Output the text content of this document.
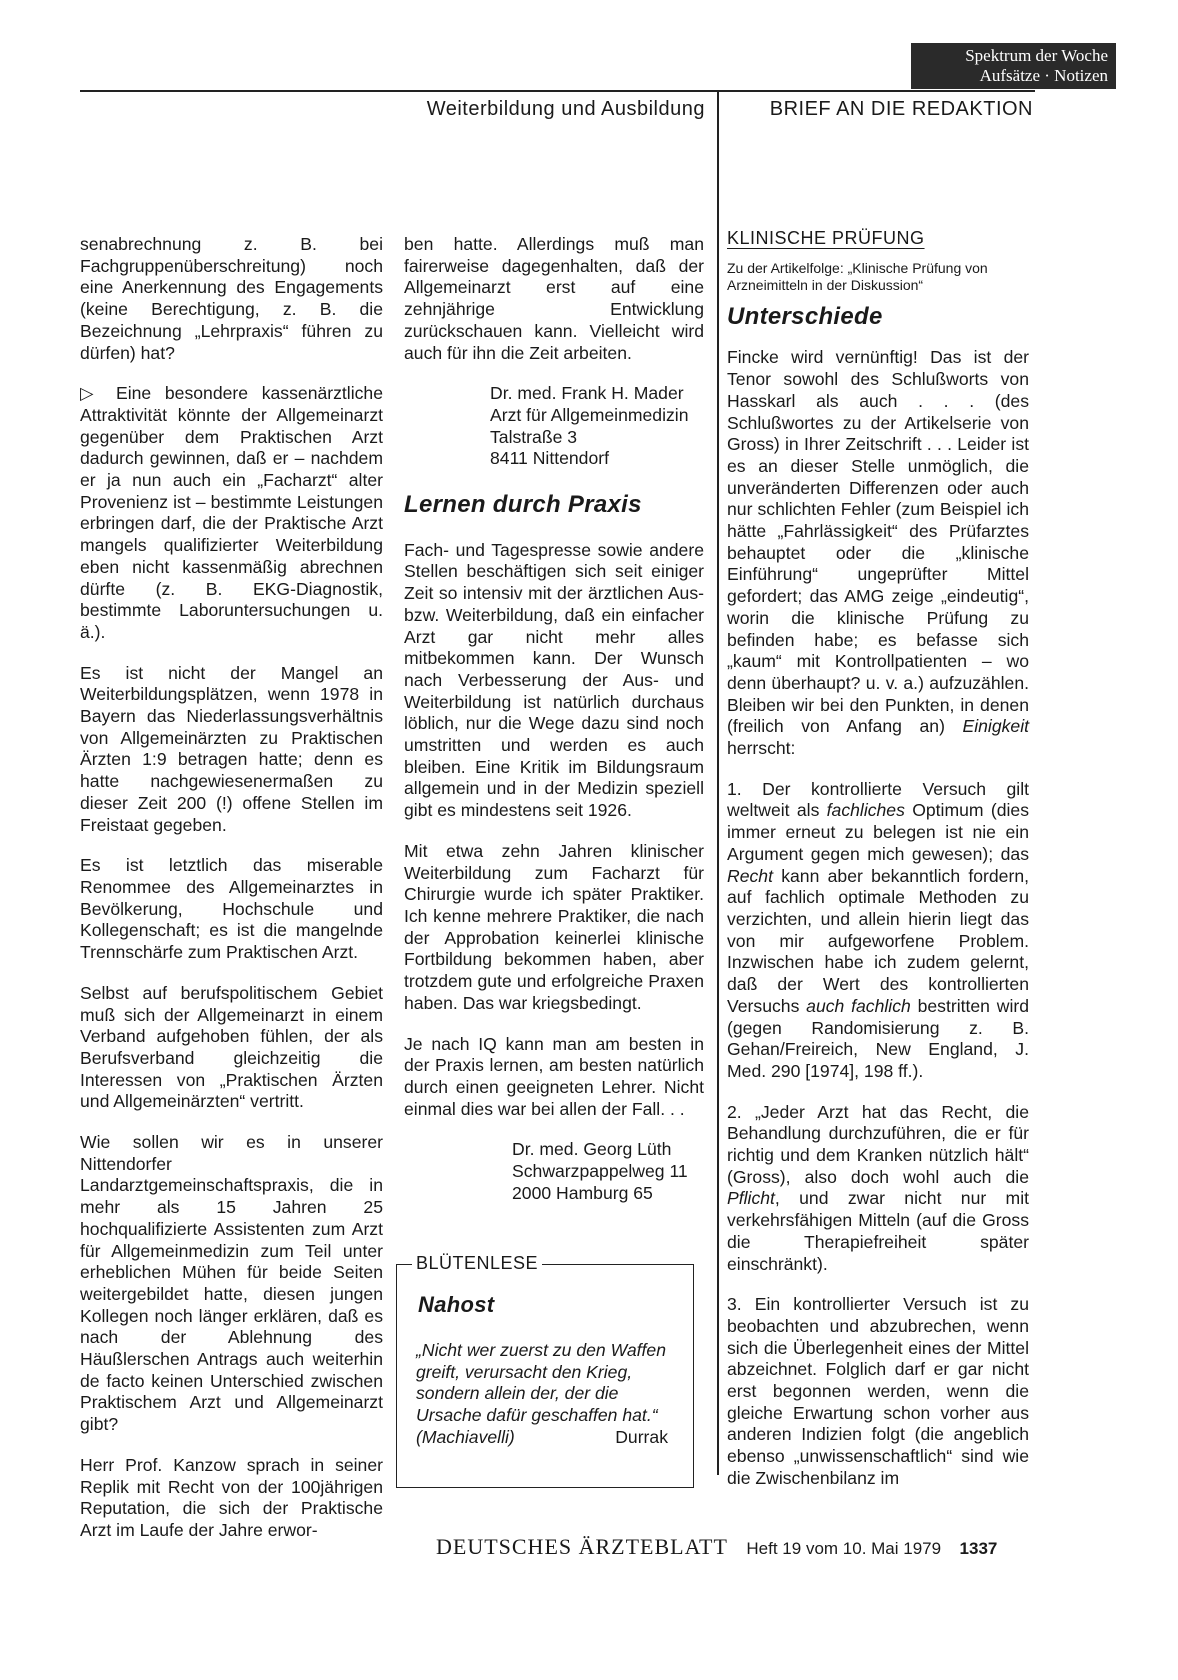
Spektrum der Woche
Aufsätze · Notizen
Weiterbildung und Ausbildung	BRIEF AN DIE REDAKTION

senabrechnung z. B. bei Fachgruppenüberschreitung) noch eine Anerkennung des Engagements (keine Berechtigung, z. B. die Bezeichnung „Lehrpraxis“ führen zu dürfen) hat?

▷ Eine besondere kassenärztliche Attraktivität könnte der Allgemeinarzt gegenüber dem Praktischen Arzt dadurch gewinnen, daß er – nachdem er ja nun auch ein „Facharzt“ alter Provenienz ist – bestimmte Leistungen erbringen darf, die der Praktische Arzt mangels qualifizierter Weiterbildung eben nicht kassenmäßig abrechnen dürfte (z. B. EKG-Diagnostik, bestimmte Laboruntersuchungen u. ä.).

Es ist nicht der Mangel an Weiterbildungsplätzen, wenn 1978 in Bayern das Niederlassungsverhältnis von Allgemeinärzten zu Praktischen Ärzten 1:9 betragen hatte; denn es hatte nachgewiesenermaßen zu dieser Zeit 200 (!) offene Stellen im Freistaat gegeben.

Es ist letztlich das miserable Renommee des Allgemeinarztes in Bevölkerung, Hochschule und Kollegenschaft; es ist die mangelnde Trennschärfe zum Praktischen Arzt.

Selbst auf berufspolitischem Gebiet muß sich der Allgemeinarzt in einem Verband aufgehoben fühlen, der als Berufsverband gleichzeitig die Interessen von „Praktischen Ärzten und Allgemeinärzten“ vertritt.

Wie sollen wir es in unserer Nittendorfer Landarztgemeinschaftspraxis, die in mehr als 15 Jahren 25 hochqualifizierte Assistenten zum Arzt für Allgemeinmedizin zum Teil unter erheblichen Mühen für beide Seiten weitergebildet hatte, diesen jungen Kollegen noch länger erklären, daß es nach der Ablehnung des Häußlerschen Antrags auch weiterhin de facto keinen Unterschied zwischen Praktischem Arzt und Allgemeinarzt gibt?

Herr Prof. Kanzow sprach in seiner Replik mit Recht von der 100jährigen Reputation, die sich der Praktische Arzt im Laufe der Jahre erwor-

ben hatte. Allerdings muß man fairerweise dagegenhalten, daß der Allgemeinarzt erst auf eine zehnjährige Entwicklung zurückschauen kann. Vielleicht wird auch für ihn die Zeit arbeiten.

Dr. med. Frank H. Mader
Arzt für Allgemeinmedizin
Talstraße 3
8411 Nittendorf
Lernen durch Praxis

Fach- und Tagespresse sowie andere Stellen beschäftigen sich seit einiger Zeit so intensiv mit der ärztlichen Aus- bzw. Weiterbildung, daß ein einfacher Arzt gar nicht mehr alles mitbekommen kann. Der Wunsch nach Verbesserung der Aus- und Weiterbildung ist natürlich durchaus löblich, nur die Wege dazu sind noch umstritten und werden es auch bleiben. Eine Kritik im Bildungsraum allgemein und in der Medizin speziell gibt es mindestens seit 1926.

Mit etwa zehn Jahren klinischer Weiterbildung zum Facharzt für Chirurgie wurde ich später Praktiker. Ich kenne mehrere Praktiker, die nach der Approbation keinerlei klinische Fortbildung bekommen haben, aber trotzdem gute und erfolgreiche Praxen haben. Das war kriegsbedingt.

Je nach IQ kann man am besten in der Praxis lernen, am besten natürlich durch einen geeigneten Lehrer. Nicht einmal dies war bei allen der Fall. . .

Dr. med. Georg Lüth
Schwarzpappelweg 11
2000 Hamburg 65
BLÜTENLESE
Nahost
„Nicht wer zuerst zu den Waffen greift, verursacht den Krieg, sondern allein der, der die Ursache dafür geschaffen hat.“ (Machiavelli)	Durrak
KLINISCHE PRÜFUNG
Zu der Artikelfolge: „Klinische Prüfung von Arzneimitteln in der Diskussion“
Unterschiede

Fincke wird vernünftig! Das ist der Tenor sowohl des Schlußworts von Hasskarl als auch . . . (des Schlußwortes zu der Artikelserie von Gross) in Ihrer Zeitschrift . . . Leider ist es an dieser Stelle unmöglich, die unveränderten Differenzen oder auch nur schlichten Fehler (zum Beispiel ich hätte „Fahrlässigkeit“ des Prüfarztes behauptet oder die „klinische Einführung“ ungeprüfter Mittel gefordert; das AMG zeige „eindeutig“, worin die klinische Prüfung zu befinden habe; es befasse sich „kaum“ mit Kontrollpatienten – wo denn überhaupt? u. v. a.) aufzuzählen. Bleiben wir bei den Punkten, in denen (freilich von Anfang an) Einigkeit herrscht:

1. Der kontrollierte Versuch gilt weltweit als fachliches Optimum (dies immer erneut zu belegen ist nie ein Argument gegen mich gewesen); das Recht kann aber bekanntlich fordern, auf fachlich optimale Methoden zu verzichten, und allein hierin liegt das von mir aufgeworfene Problem. Inzwischen habe ich zudem gelernt, daß der Wert des kontrollierten Versuchs auch fachlich bestritten wird (gegen Randomisierung z. B. Gehan/Freireich, New England, J. Med. 290 [1974], 198 ff.).

2. „Jeder Arzt hat das Recht, die Behandlung durchzuführen, die er für richtig und dem Kranken nützlich hält“ (Gross), also doch wohl auch die Pflicht, und zwar nicht nur mit verkehrsfähigen Mitteln (auf die Gross die Therapiefreiheit später einschränkt).

3. Ein kontrollierter Versuch ist zu beobachten und abzubrechen, wenn sich die Überlegenheit eines der Mittel abzeichnet. Folglich darf er gar nicht erst begonnen werden, wenn die gleiche Erwartung schon vorher aus anderen Indizien folgt (die angeblich ebenso „unwissenschaftlich“ sind wie die Zwischenbilanz im

DEUTSCHES ÄRZTEBLATT Heft 19 vom 10. Mai 1979 1337
